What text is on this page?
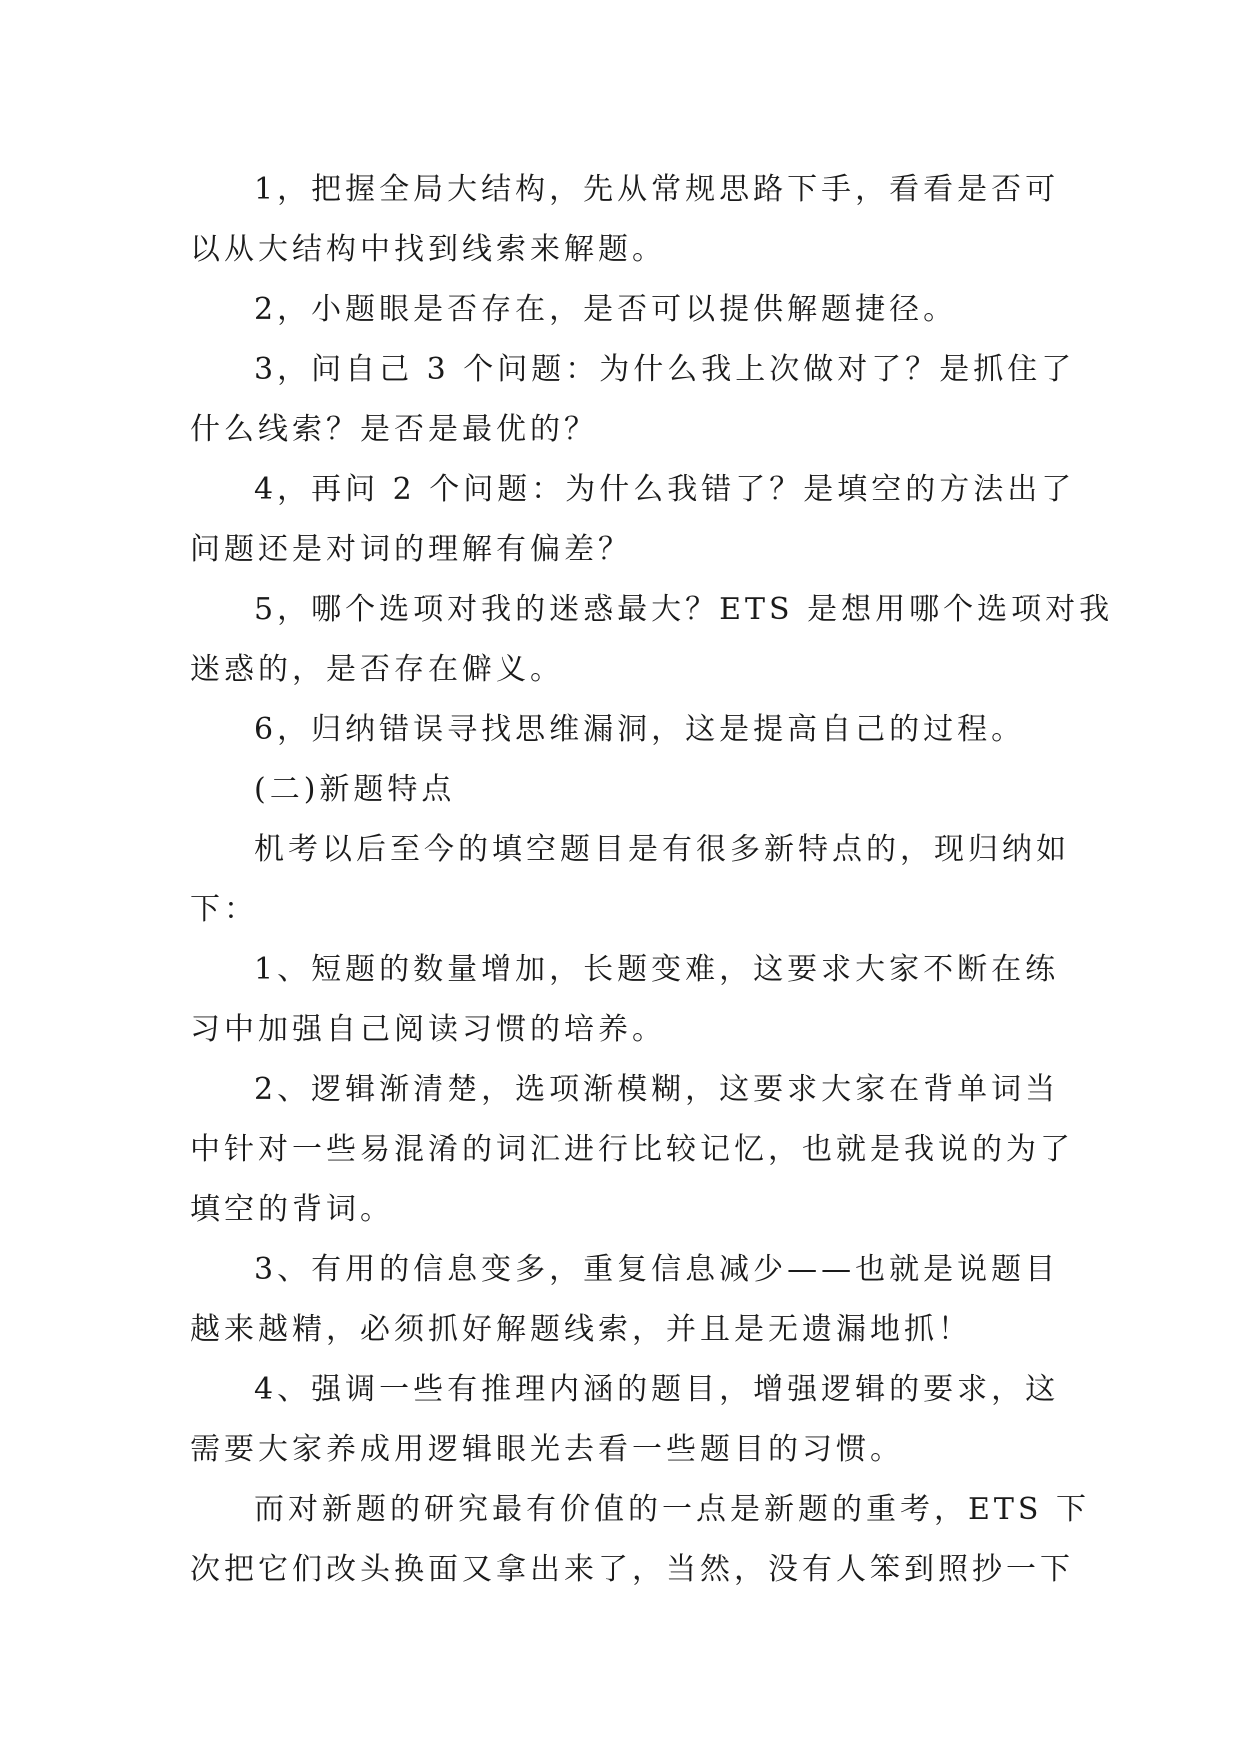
1，把握全局大结构，先从常规思路下手，看看是否可
以从大结构中找到线索来解题。
2，小题眼是否存在，是否可以提供解题捷径。
3，问自己 3 个问题：为什么我上次做对了？是抓住了
什么线索？是否是最优的？
4，再问 2 个问题：为什么我错了？是填空的方法出了
问题还是对词的理解有偏差？
5，哪个选项对我的迷惑最大？ETS 是想用哪个选项对我
迷惑的，是否存在僻义。
6，归纳错误寻找思维漏洞，这是提高自己的过程。
(二)新题特点
机考以后至今的填空题目是有很多新特点的，现归纳如
下：
1、短题的数量增加，长题变难，这要求大家不断在练
习中加强自己阅读习惯的培养。
2、逻辑渐清楚，选项渐模糊，这要求大家在背单词当
中针对一些易混淆的词汇进行比较记忆，也就是我说的为了
填空的背词。
3、有用的信息变多，重复信息减少——也就是说题目
越来越精，必须抓好解题线索，并且是无遗漏地抓！
4、强调一些有推理内涵的题目，增强逻辑的要求，这
需要大家养成用逻辑眼光去看一些题目的习惯。
而对新题的研究最有价值的一点是新题的重考，ETS 下
次把它们改头换面又拿出来了，当然，没有人笨到照抄一下
